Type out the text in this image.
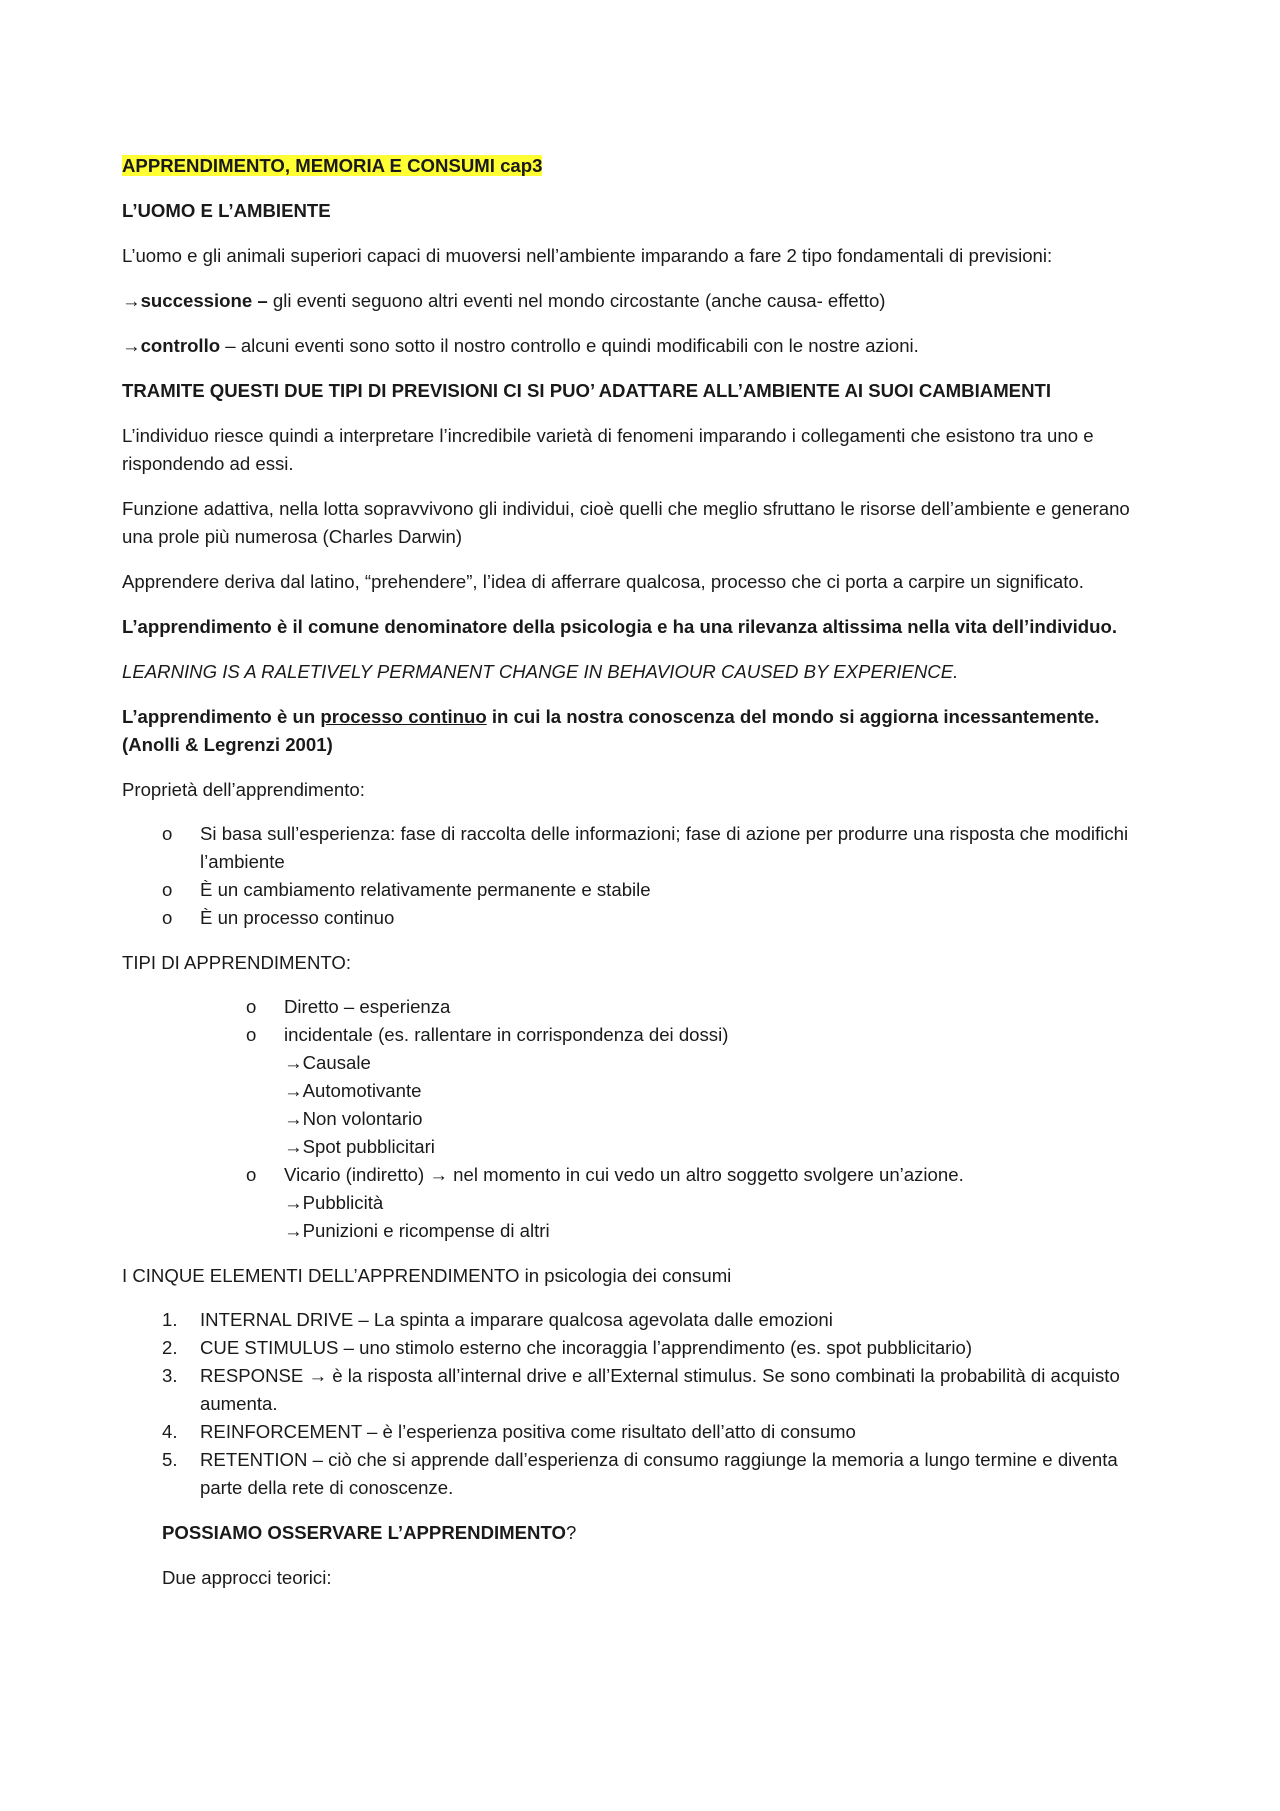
APPRENDIMENTO, MEMORIA E CONSUMI cap3

L’UOMO E L’AMBIENTE

L’uomo e gli animali superiori capaci di muoversi nell’ambiente imparando a fare 2 tipo fondamentali di previsioni:

→successione – gli eventi seguono altri eventi nel mondo circostante (anche causa- effetto)

→controllo – alcuni eventi sono sotto il nostro controllo e quindi modificabili con le nostre azioni.

TRAMITE QUESTI DUE TIPI DI PREVISIONI CI SI PUO’ ADATTARE ALL’AMBIENTE AI SUOI CAMBIAMENTI

L’individuo riesce quindi a interpretare l’incredibile varietà di fenomeni imparando i collegamenti che esistono tra uno e rispondendo ad essi.

Funzione adattiva, nella lotta sopravvivono gli individui, cioè quelli che meglio sfruttano le risorse dell’ambiente e generano una prole più numerosa (Charles Darwin)

Apprendere deriva dal latino, “prehendere”, l’idea di afferrare qualcosa, processo che ci porta a carpire un significato.

L’apprendimento è il comune denominatore della psicologia e ha una rilevanza altissima nella vita dell’individuo.

LEARNING IS A RALETIVELY PERMANENT CHANGE IN BEHAVIOUR CAUSED BY EXPERIENCE.

L’apprendimento è un processo continuo in cui la nostra conoscenza del mondo si aggiorna incessantemente.
(Anolli & Legrenzi 2001)

Proprietà dell’apprendimento:

o Si basa sull’esperienza: fase di raccolta delle informazioni; fase di azione per produrre una risposta che modifichi l’ambiente
o È un cambiamento relativamente permanente e stabile
o È un processo continuo

TIPI DI APPRENDIMENTO:

o Diretto – esperienza
o incidentale (es. rallentare in corrispondenza dei dossi)
→Causale
→Automotivante
→Non volontario
→Spot pubblicitari
o Vicario (indiretto) → nel momento in cui vedo un altro soggetto svolgere un’azione.
→Pubblicità
→Punizioni e ricompense di altri

I CINQUE ELEMENTI DELL’APPRENDIMENTO in psicologia dei consumi

1. INTERNAL DRIVE – La spinta a imparare qualcosa agevolata dalle emozioni
2. CUE STIMULUS – uno stimolo esterno che incoraggia l’apprendimento (es. spot pubblicitario)
3. RESPONSE → è la risposta all’internal drive e all’External stimulus. Se sono combinati la probabilità di acquisto aumenta.
4. REINFORCEMENT – è l’esperienza positiva come risultato dell’atto di consumo
5. RETENTION – ciò che si apprende dall’esperienza di consumo raggiunge la memoria a lungo termine e diventa parte della rete di conoscenze.

POSSIAMO OSSERVARE L’APPRENDIMENTO?

Due approcci teorici:
